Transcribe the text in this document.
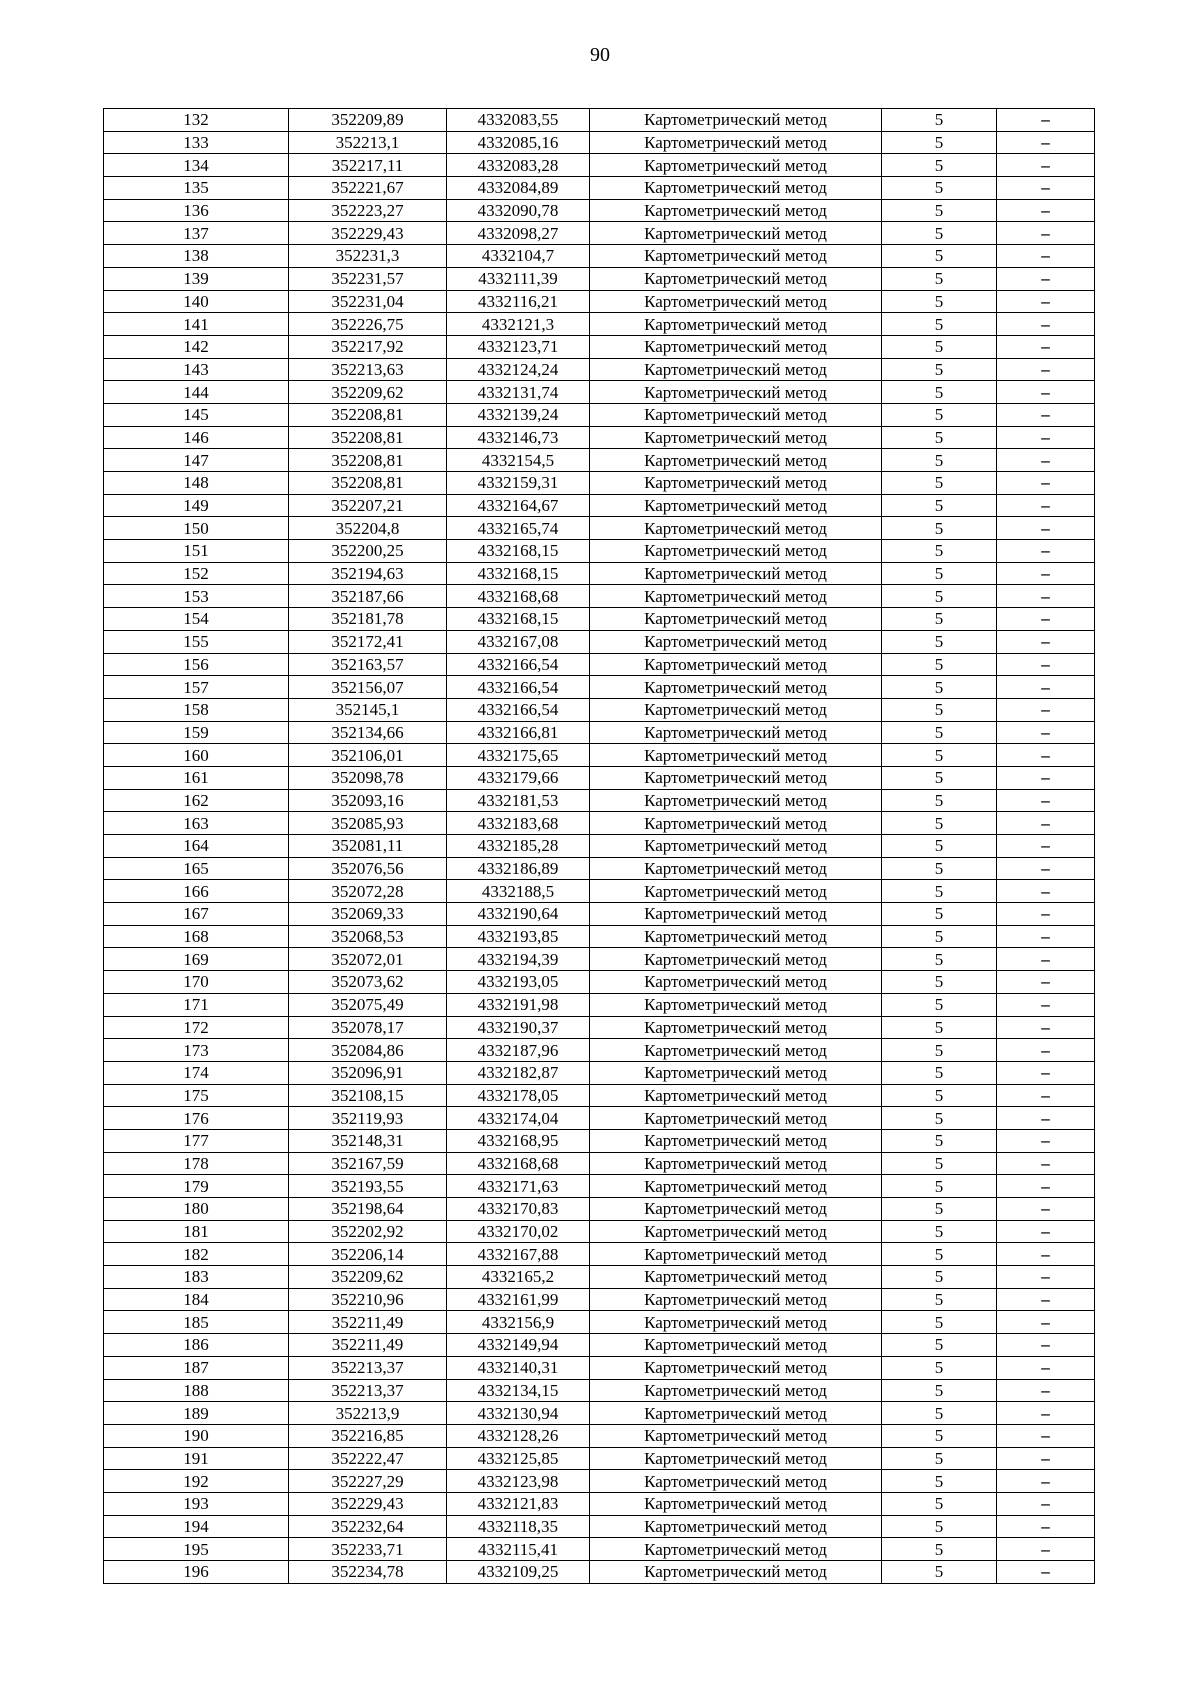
90
132	352209,89	4332083,55	Картометрический метод	5	–
133	352213,1	4332085,16	Картометрический метод	5	–
134	352217,11	4332083,28	Картометрический метод	5	–
135	352221,67	4332084,89	Картометрический метод	5	–
136	352223,27	4332090,78	Картометрический метод	5	–
137	352229,43	4332098,27	Картометрический метод	5	–
138	352231,3	4332104,7	Картометрический метод	5	–
139	352231,57	4332111,39	Картометрический метод	5	–
140	352231,04	4332116,21	Картометрический метод	5	–
141	352226,75	4332121,3	Картометрический метод	5	–
142	352217,92	4332123,71	Картометрический метод	5	–
143	352213,63	4332124,24	Картометрический метод	5	–
144	352209,62	4332131,74	Картометрический метод	5	–
145	352208,81	4332139,24	Картометрический метод	5	–
146	352208,81	4332146,73	Картометрический метод	5	–
147	352208,81	4332154,5	Картометрический метод	5	–
148	352208,81	4332159,31	Картометрический метод	5	–
149	352207,21	4332164,67	Картометрический метод	5	–
150	352204,8	4332165,74	Картометрический метод	5	–
151	352200,25	4332168,15	Картометрический метод	5	–
152	352194,63	4332168,15	Картометрический метод	5	–
153	352187,66	4332168,68	Картометрический метод	5	–
154	352181,78	4332168,15	Картометрический метод	5	–
155	352172,41	4332167,08	Картометрический метод	5	–
156	352163,57	4332166,54	Картометрический метод	5	–
157	352156,07	4332166,54	Картометрический метод	5	–
158	352145,1	4332166,54	Картометрический метод	5	–
159	352134,66	4332166,81	Картометрический метод	5	–
160	352106,01	4332175,65	Картометрический метод	5	–
161	352098,78	4332179,66	Картометрический метод	5	–
162	352093,16	4332181,53	Картометрический метод	5	–
163	352085,93	4332183,68	Картометрический метод	5	–
164	352081,11	4332185,28	Картометрический метод	5	–
165	352076,56	4332186,89	Картометрический метод	5	–
166	352072,28	4332188,5	Картометрический метод	5	–
167	352069,33	4332190,64	Картометрический метод	5	–
168	352068,53	4332193,85	Картометрический метод	5	–
169	352072,01	4332194,39	Картометрический метод	5	–
170	352073,62	4332193,05	Картометрический метод	5	–
171	352075,49	4332191,98	Картометрический метод	5	–
172	352078,17	4332190,37	Картометрический метод	5	–
173	352084,86	4332187,96	Картометрический метод	5	–
174	352096,91	4332182,87	Картометрический метод	5	–
175	352108,15	4332178,05	Картометрический метод	5	–
176	352119,93	4332174,04	Картометрический метод	5	–
177	352148,31	4332168,95	Картометрический метод	5	–
178	352167,59	4332168,68	Картометрический метод	5	–
179	352193,55	4332171,63	Картометрический метод	5	–
180	352198,64	4332170,83	Картометрический метод	5	–
181	352202,92	4332170,02	Картометрический метод	5	–
182	352206,14	4332167,88	Картометрический метод	5	–
183	352209,62	4332165,2	Картометрический метод	5	–
184	352210,96	4332161,99	Картометрический метод	5	–
185	352211,49	4332156,9	Картометрический метод	5	–
186	352211,49	4332149,94	Картометрический метод	5	–
187	352213,37	4332140,31	Картометрический метод	5	–
188	352213,37	4332134,15	Картометрический метод	5	–
189	352213,9	4332130,94	Картометрический метод	5	–
190	352216,85	4332128,26	Картометрический метод	5	–
191	352222,47	4332125,85	Картометрический метод	5	–
192	352227,29	4332123,98	Картометрический метод	5	–
193	352229,43	4332121,83	Картометрический метод	5	–
194	352232,64	4332118,35	Картометрический метод	5	–
195	352233,71	4332115,41	Картометрический метод	5	–
196	352234,78	4332109,25	Картометрический метод	5	–
